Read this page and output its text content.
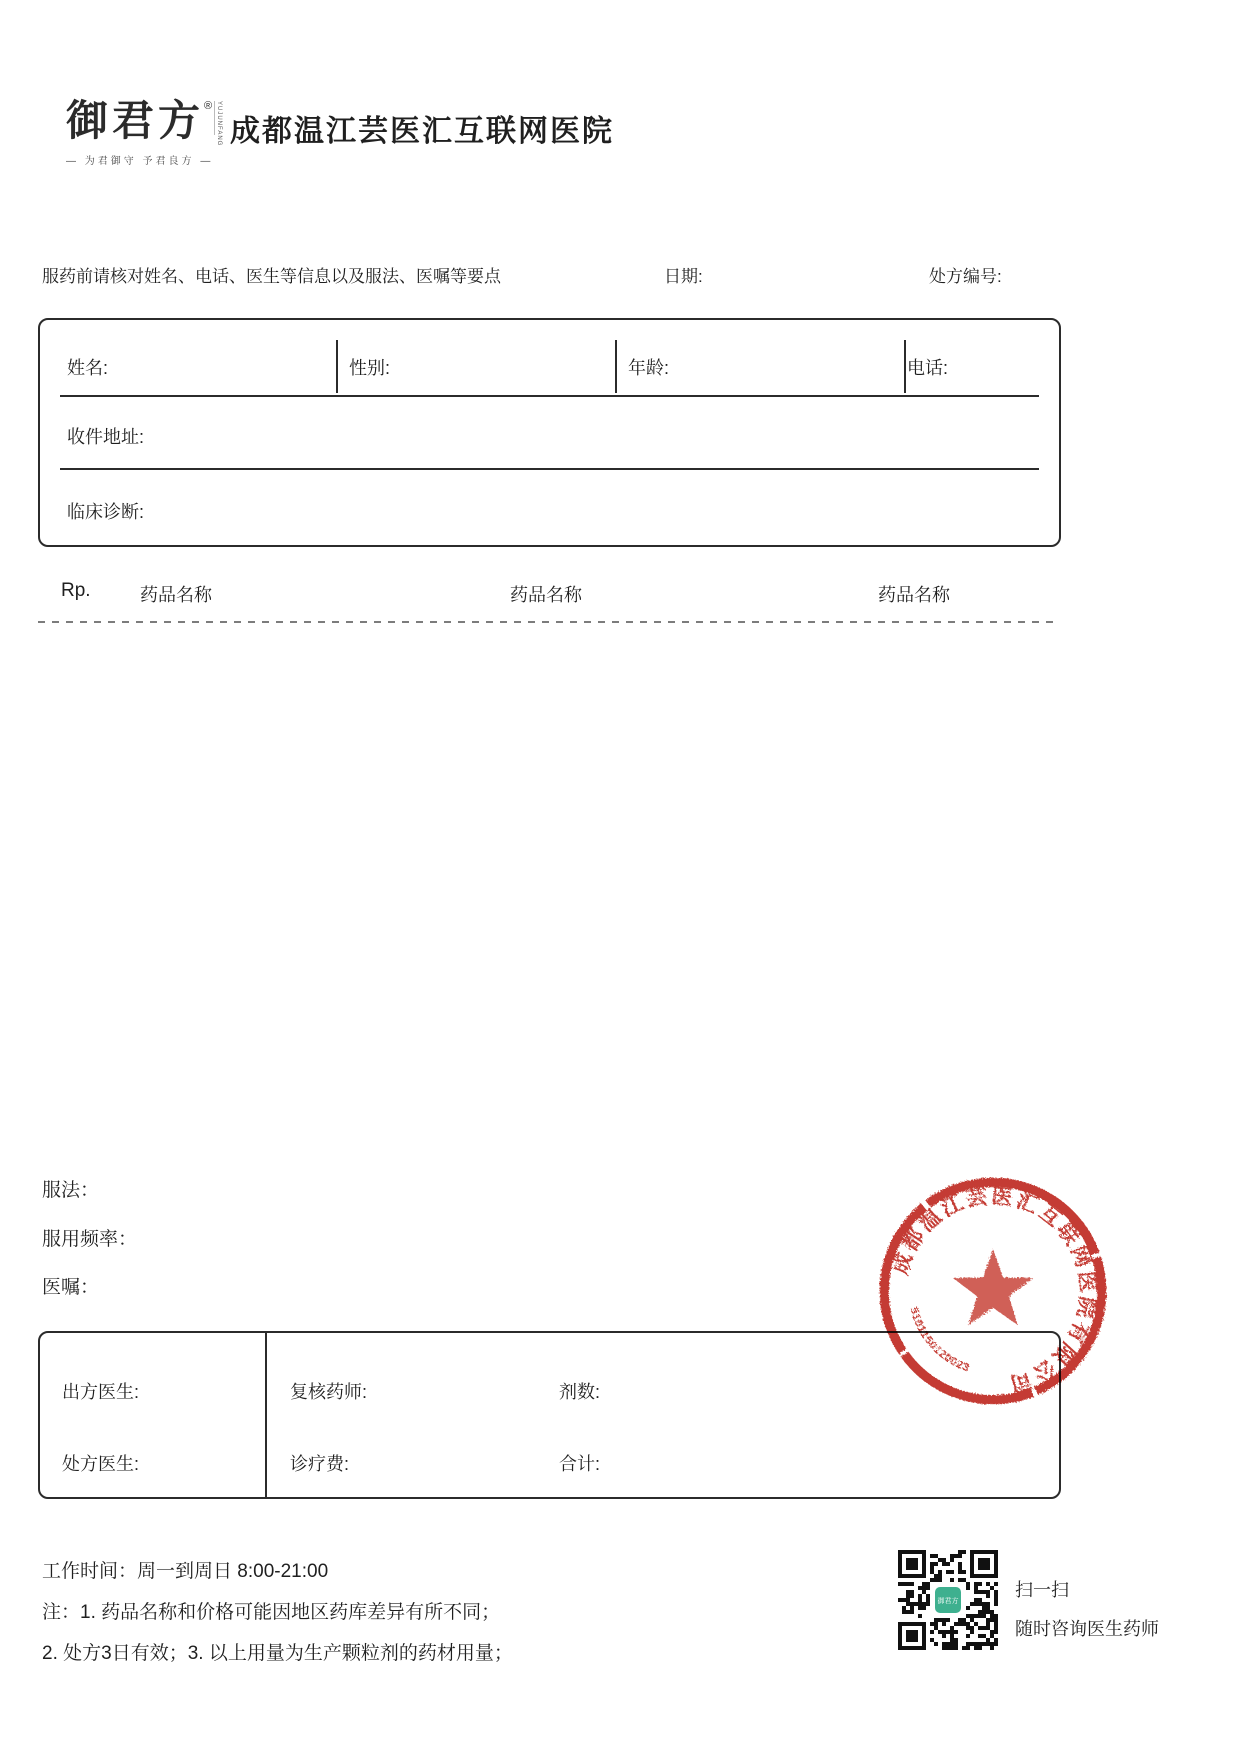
御君方® YUJUNFANG
— 为君御守 予君良方 —
成都温江芸医汇互联网医院
服药前请核对姓名、电话、医生等信息以及服法、医嘱等要点	日期:	处方编号:
姓名:	性别:	年龄:	电话:
收件地址:
临床诊断:
Rp.	药品名称	药品名称	药品名称
服法：
服用频率：
医嘱：
出方医生:
处方医生:
复核药师:	剂数:
诊疗费:	合计:
成都温江芸医汇互联网医院有限公司
5101150120023
工作时间：周一到周日 8:00-21:00
注：1. 药品名称和价格可能因地区药库差异有所不同；
2. 处方3日有效；3. 以上用量为生产颗粒剂的药材用量；
御君方
扫一扫
随时咨询医生药师
